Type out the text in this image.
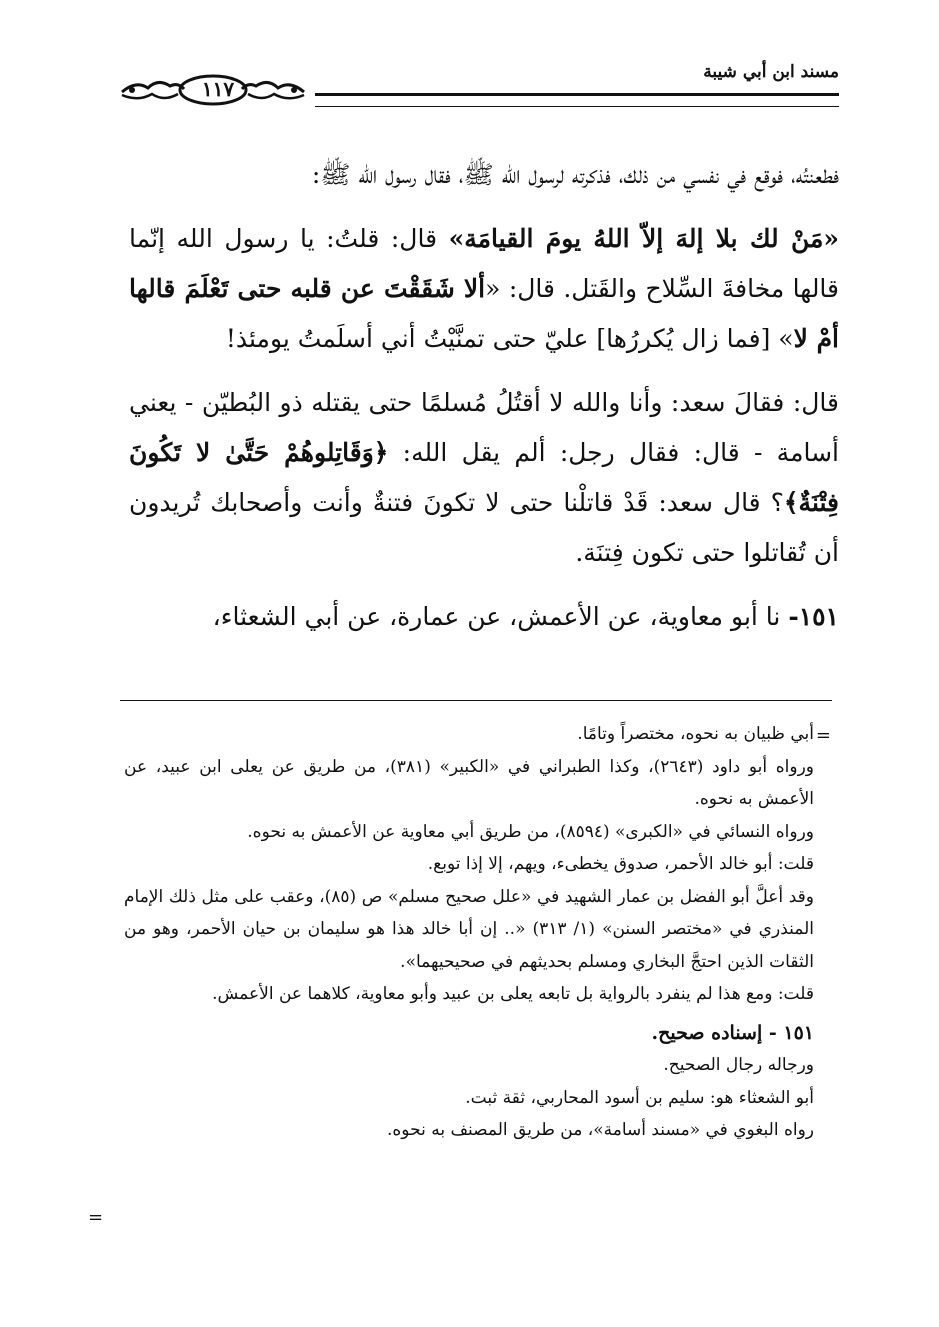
مسند ابن أبي شيبة
١١٧

فطعنتُه، فوقع في نفسي من ذلك، فذكرته لرسول الله ﷺ، فقال رسول الله ﷺ:

«مَنْ لك بلا إلهَ إلاّ اللهُ يومَ القيامَة» قال: قلتُ: يا رسول الله إنّما قالها مخافةَ السِّلاح والقَتل. قال: «ألا شَقَقْتَ عن قلبه حتى تَعْلَمَ قالها أمْ لا» [فما زال يُكررُها] عليّ حتى تمنَّيْتُ أني أسلَمتُ يومئذ!

قال: فقالَ سعد: وأنا والله لا أقتُلُ مُسلمًا حتى يقتله ذو البُطيّن - يعني أسامة - قال: فقال رجل: ألم يقل الله: ﴿وَقَاتِلوهُمْ حَتَّىٰ لا تَكُونَ فِتْنَةٌ﴾؟ قال سعد: قَدْ قاتلْنا حتى لا تكونَ فتنةٌ وأنت وأصحابك تُريدون أن تُقاتلوا حتى تكون فِتنَة.

١٥١- نا أبو معاوية، عن الأعمش، عن عمارة، عن أبي الشعثاء،

=

أبي ظبيان به نحوه، مختصراً وتامًا.

ورواه أبو داود (٢٦٤٣)، وكذا الطبراني في «الكبير» (٣٨١)، من طريق عن يعلى ابن عبيد، عن الأعمش به نحوه.

ورواه النسائي في «الكبرى» (٨٥٩٤)، من طريق أبي معاوية عن الأعمش به نحوه.

قلت: أبو خالد الأحمر، صدوق يخطىء، ويهم، إلا إذا توبع.

وقد أعلَّ أبو الفضل بن عمار الشهيد في «علل صحيح مسلم» ص (٨٥)، وعقب على مثل ذلك الإمام المنذري في «مختصر السنن» (١/ ٣١٣) «.. إن أبا خالد هذا هو سليمان بن حيان الأحمر، وهو من الثقات الذين احتجَّ البخاري ومسلم بحديثهم في صحيحيهما».

قلت: ومع هذا لم ينفرد بالرواية بل تابعه يعلى بن عبيد وأبو معاوية، كلاهما عن الأعمش.

١٥١ - إسناده صحيح.

ورجاله رجال الصحيح.

أبو الشعثاء هو: سليم بن أسود المحاربي، ثقة ثبت.

رواه البغوي في «مسند أسامة»، من طريق المصنف به نحوه.

=
